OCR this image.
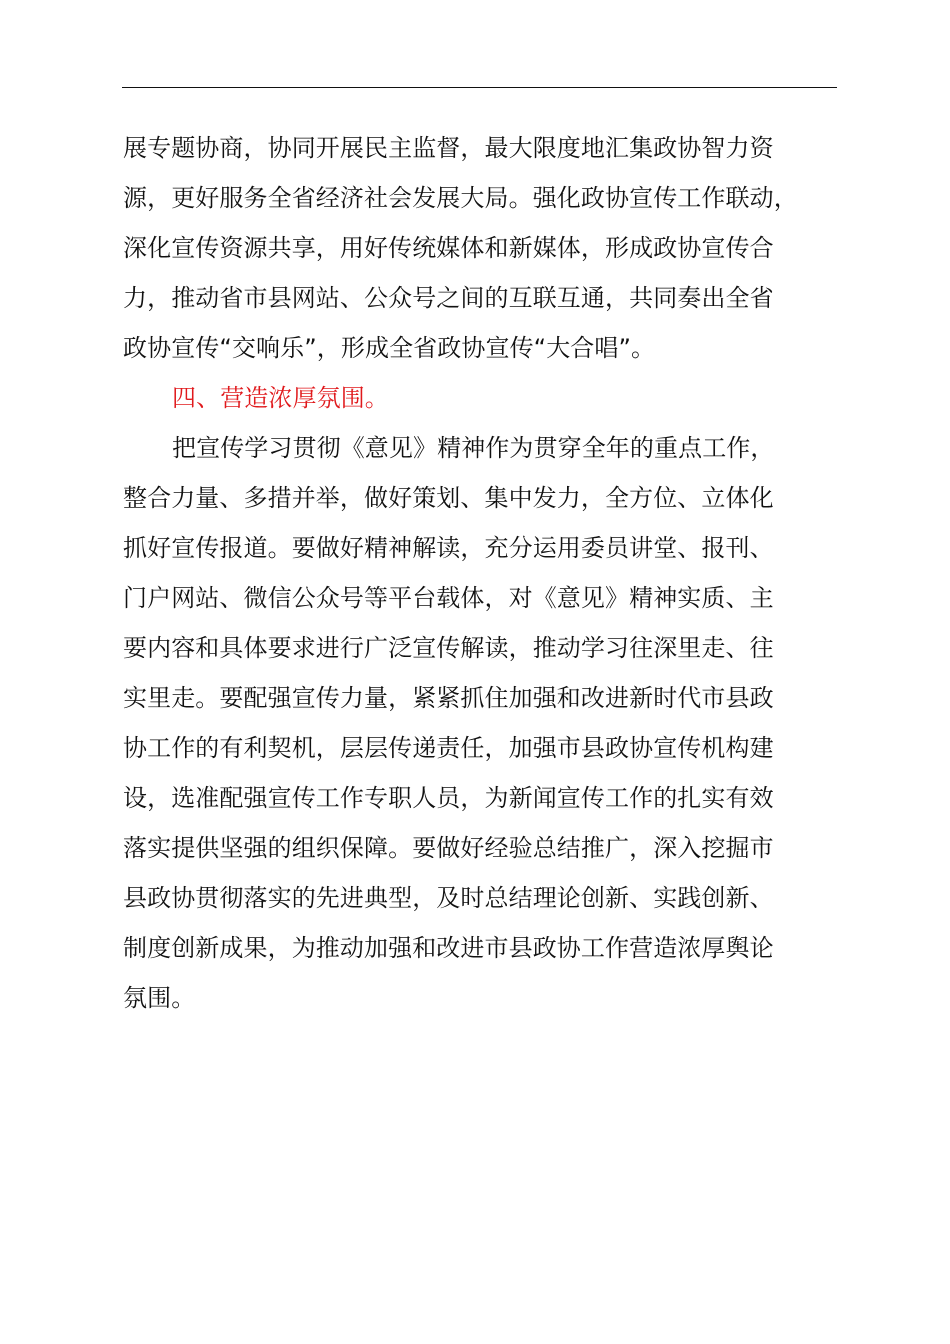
展专题协商，协同开展民主监督，最大限度地汇集政协智力资
源，更好服务全省经济社会发展大局。强化政协宣传工作联动，
深化宣传资源共享，用好传统媒体和新媒体，形成政协宣传合
力，推动省市县网站、公众号之间的互联互通，共同奏出全省
政协宣传“交响乐”，形成全省政协宣传“大合唱”。
四、营造浓厚氛围。
把宣传学习贯彻《意见》精神作为贯穿全年的重点工作，
整合力量、多措并举，做好策划、集中发力，全方位、立体化
抓好宣传报道。要做好精神解读，充分运用委员讲堂、报刊、
门户网站、微信公众号等平台载体，对《意见》精神实质、主
要内容和具体要求进行广泛宣传解读，推动学习往深里走、往
实里走。要配强宣传力量，紧紧抓住加强和改进新时代市县政
协工作的有利契机，层层传递责任，加强市县政协宣传机构建
设，选准配强宣传工作专职人员，为新闻宣传工作的扎实有效
落实提供坚强的组织保障。要做好经验总结推广，深入挖掘市
县政协贯彻落实的先进典型，及时总结理论创新、实践创新、
制度创新成果，为推动加强和改进市县政协工作营造浓厚舆论
氛围。
